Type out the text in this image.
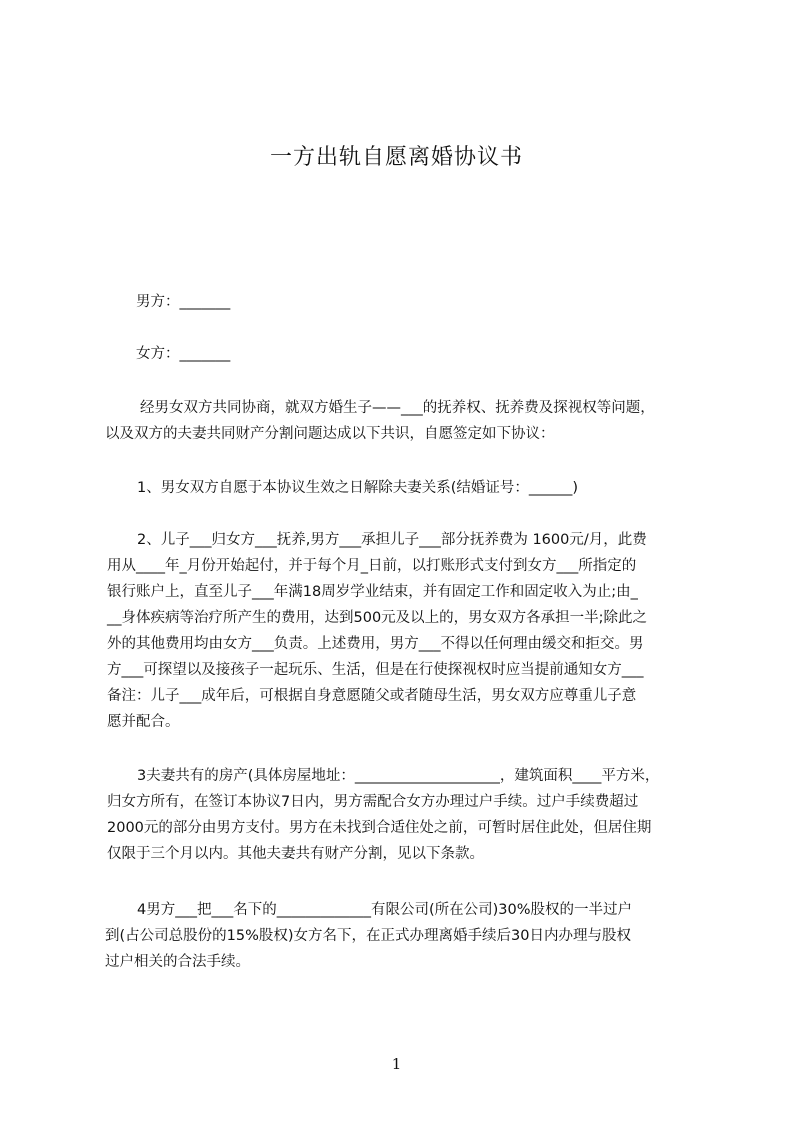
一方出轨自愿离婚协议书
男方：_______
女方：_______
经男女双方共同协商，就双方婚生子——___的抚养权、抚养费及探视权等问题，
以及双方的夫妻共同财产分割问题达成以下共识，自愿签定如下协议：
1、男女双方自愿于本协议生效之日解除夫妻关系(结婚证号：______)
2、儿子___归女方___抚养,男方___承担儿子___部分抚养费为 1600元/月，此费
用从____年_月份开始起付，并于每个月_日前，以打账形式支付到女方___所指定的
银行账户上，直至儿子___年满18周岁学业结束，并有固定工作和固定收入为止;由_
__身体疾病等治疗所产生的费用，达到500元及以上的，男女双方各承担一半;除此之
外的其他费用均由女方___负责。上述费用，男方___不得以任何理由缓交和拒交。男
方___可探望以及接孩子一起玩乐、生活，但是在行使探视权时应当提前通知女方___
备注：儿子___成年后，可根据自身意愿随父或者随母生活，男女双方应尊重儿子意
愿并配合。
3夫妻共有的房产(具体房屋地址：____________________，建筑面积____平方米，
归女方所有，在签订本协议7日内，男方需配合女方办理过户手续。过户手续费超过
2000元的部分由男方支付。男方在未找到合适住处之前，可暂时居住此处，但居住期
仅限于三个月以内。其他夫妻共有财产分割，见以下条款。
4男方___把___名下的_____________有限公司(所在公司)30%股权的一半过户
到(占公司总股份的15%股权)女方名下，在正式办理离婚手续后30日内办理与股权
过户相关的合法手续。
1
